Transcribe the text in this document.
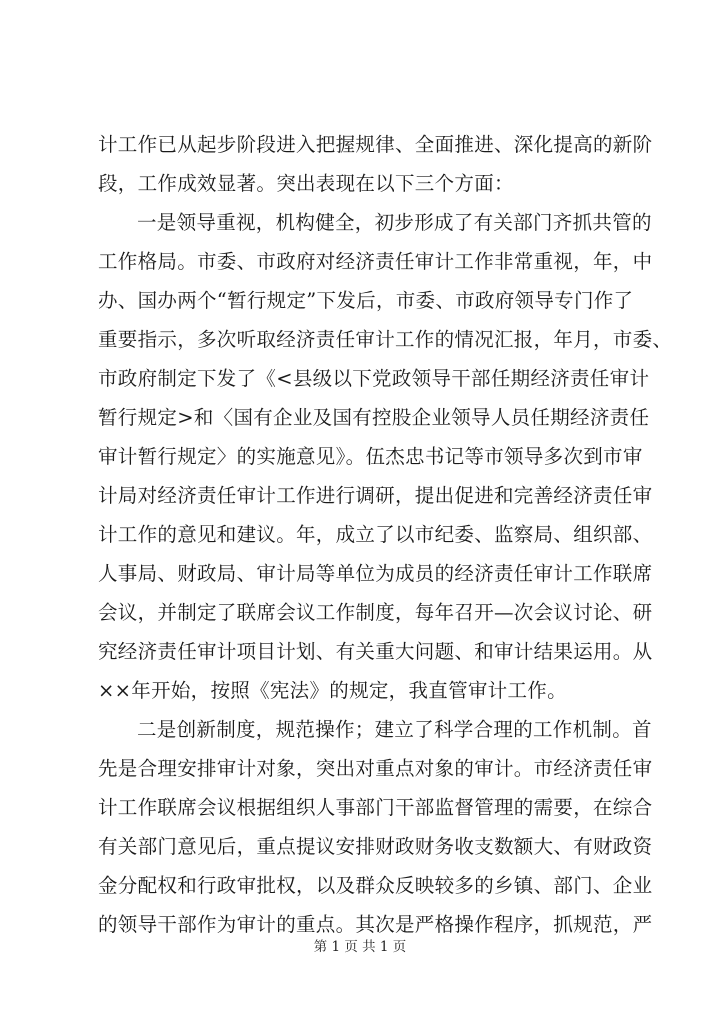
计工作已从起步阶段进入把握规律、全面推进、深化提高的新阶
段，工作成效显著。突出表现在以下三个方面：
一是领导重视，机构健全，初步形成了有关部门齐抓共管的
工作格局。市委、市政府对经济责任审计工作非常重视，年，中
办、国办两个“暂行规定”下发后，市委、市政府领导专门作了
重要指示，多次听取经济责任审计工作的情况汇报，年月，市委、
市政府制定下发了《<县级以下党政领导干部任期经济责任审计
暂行规定>和〈国有企业及国有控股企业领导人员任期经济责任
审计暂行规定〉的实施意见》。伍杰忠书记等市领导多次到市审
计局对经济责任审计工作进行调研，提出促进和完善经济责任审
计工作的意见和建议。年，成立了以市纪委、监察局、组织部、
人事局、财政局、审计局等单位为成员的经济责任审计工作联席
会议，并制定了联席会议工作制度，每年召开—次会议讨论、研
究经济责任审计项目计划、有关重大问题、和审计结果运用。从
××年开始，按照《宪法》的规定，我直管审计工作。
二是创新制度，规范操作；建立了科学合理的工作机制。首
先是合理安排审计对象，突出对重点对象的审计。市经济责任审
计工作联席会议根据组织人事部门干部监督管理的需要，在综合
有关部门意见后，重点提议安排财政财务收支数额大、有财政资
金分配权和行政审批权，以及群众反映较多的乡镇、部门、企业
的领导干部作为审计的重点。其次是严格操作程序，抓规范，严
第 1 页 共 1 页
